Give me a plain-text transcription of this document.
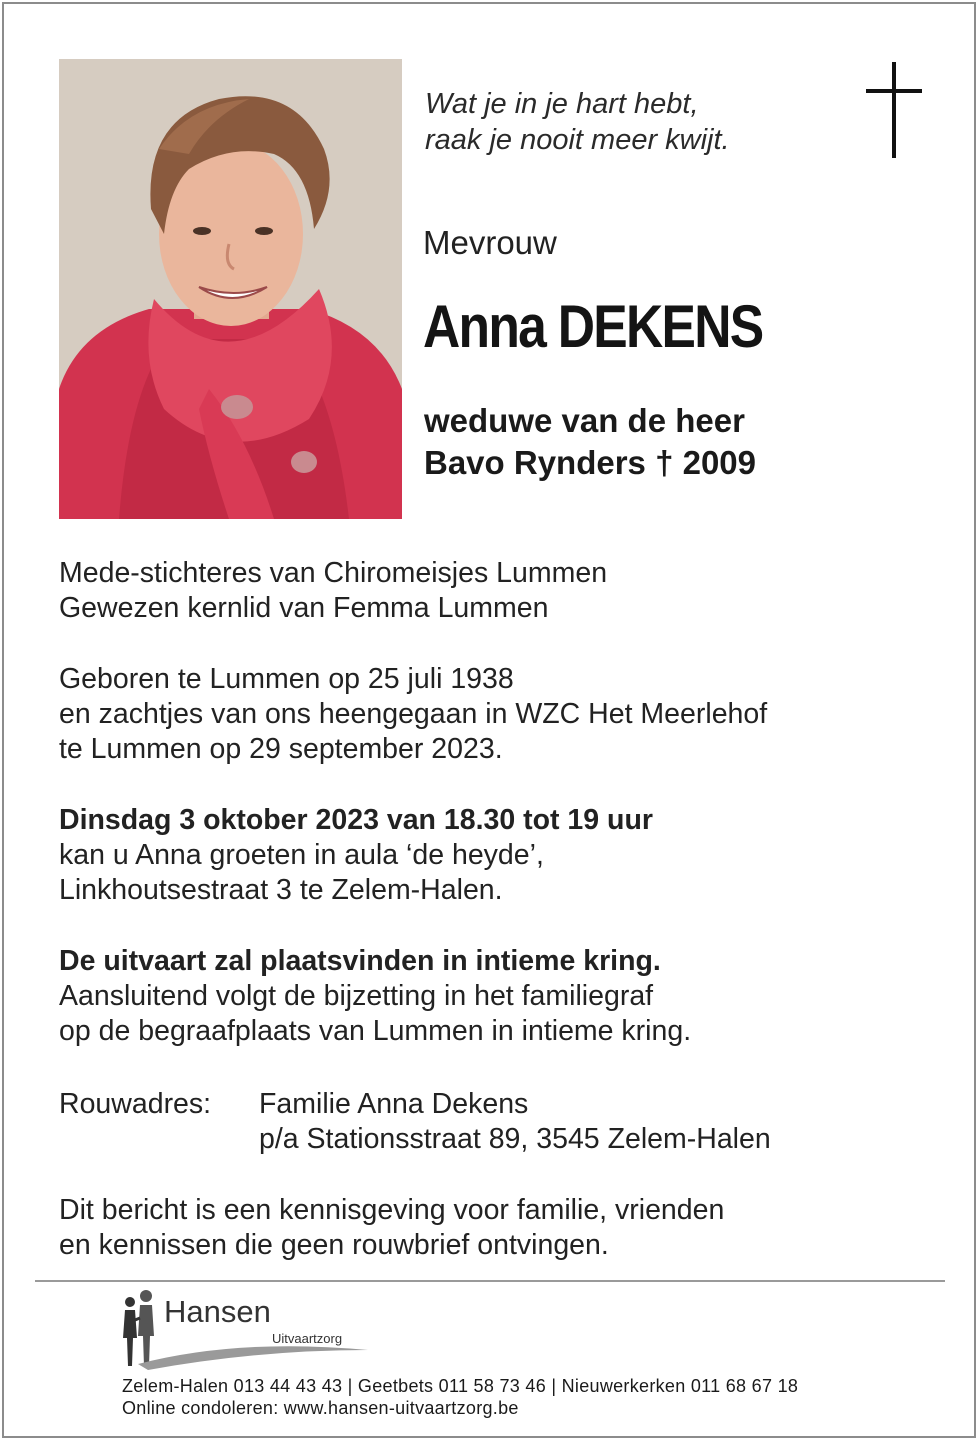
Wat je in je hart hebt,
raak je nooit meer kwijt.
Mevrouw
Anna DEKENS
weduwe van de heer
Bavo Rynders † 2009
Mede-stichteres van Chiromeisjes Lummen
Gewezen kernlid van Femma Lummen
Geboren te Lummen op 25 juli 1938
en zachtjes van ons heengegaan in WZC Het Meerlehof
te Lummen op 29 september 2023.
Dinsdag 3 oktober 2023 van 18.30 tot 19 uur
kan u Anna groeten in aula ‘de heyde’,
Linkhoutsestraat 3 te Zelem-Halen.
De uitvaart zal plaatsvinden in intieme kring.
Aansluitend volgt de bijzetting in het familiegraf
op de begraafplaats van Lummen in intieme kring.
Rouwadres: Familie Anna Dekens
p/a Stationsstraat 89, 3545 Zelem-Halen
Dit bericht is een kennisgeving voor familie, vrienden
en kennissen die geen rouwbrief ontvingen.
Hansen
Uitvaartzorg
Zelem-Halen 013 44 43 43 | Geetbets 011 58 73 46 | Nieuwerkerken 011 68 67 18
Online condoleren: www.hansen-uitvaartzorg.be
